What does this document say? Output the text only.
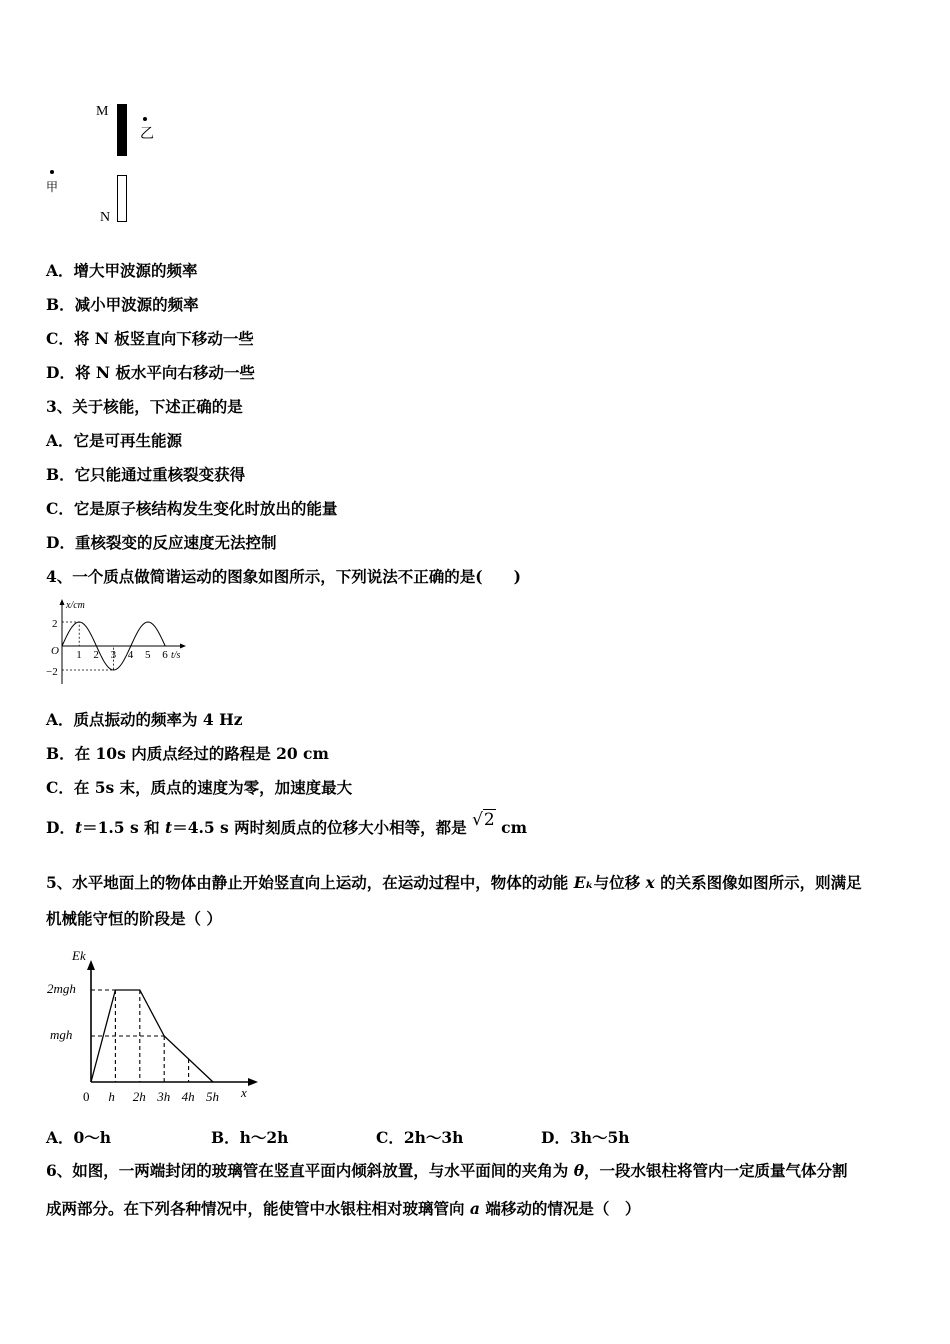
M
乙
甲
N
A．增大甲波源的频率
B．减小甲波源的频率
C．将 N 板竖直向下移动一些
D．将 N 板水平向右移动一些
3、关于核能，下述正确的是
A．它是可再生能源
B．它只能通过重核裂变获得
C．它是原子核结构发生变化时放出的能量
D．重核裂变的反应速度无法控制
4、一个质点做简谐运动的图象如图所示，下列说法不正确的是(　　)
x/cm
O
2
−2
t/s
1 2 3 4 5 6
A．质点振动的频率为 4 Hz
B．在 10s 内质点经过的路程是 20 cm
C．在 5s 末，质点的速度为零，加速度最大
D．t＝1.5 s 和 t＝4.5 s 两时刻质点的位移大小相等，都是 √2 cm
5、水平地面上的物体由静止开始竖直向上运动，在运动过程中，物体的动能 Eₖ与位移 x 的关系图像如图所示，则满足
机械能守恒的阶段是（ ）
Ek
x
2mgh
mgh
0 h 2h 3h 4h 5h
A．0～h	B．h～2h	C．2h～3h	D．3h～5h
6、如图，一两端封闭的玻璃管在竖直平面内倾斜放置，与水平面间的夹角为 θ，一段水银柱将管内一定质量气体分割
成两部分。在下列各种情况中，能使管中水银柱相对玻璃管向 a 端移动的情况是（　）
